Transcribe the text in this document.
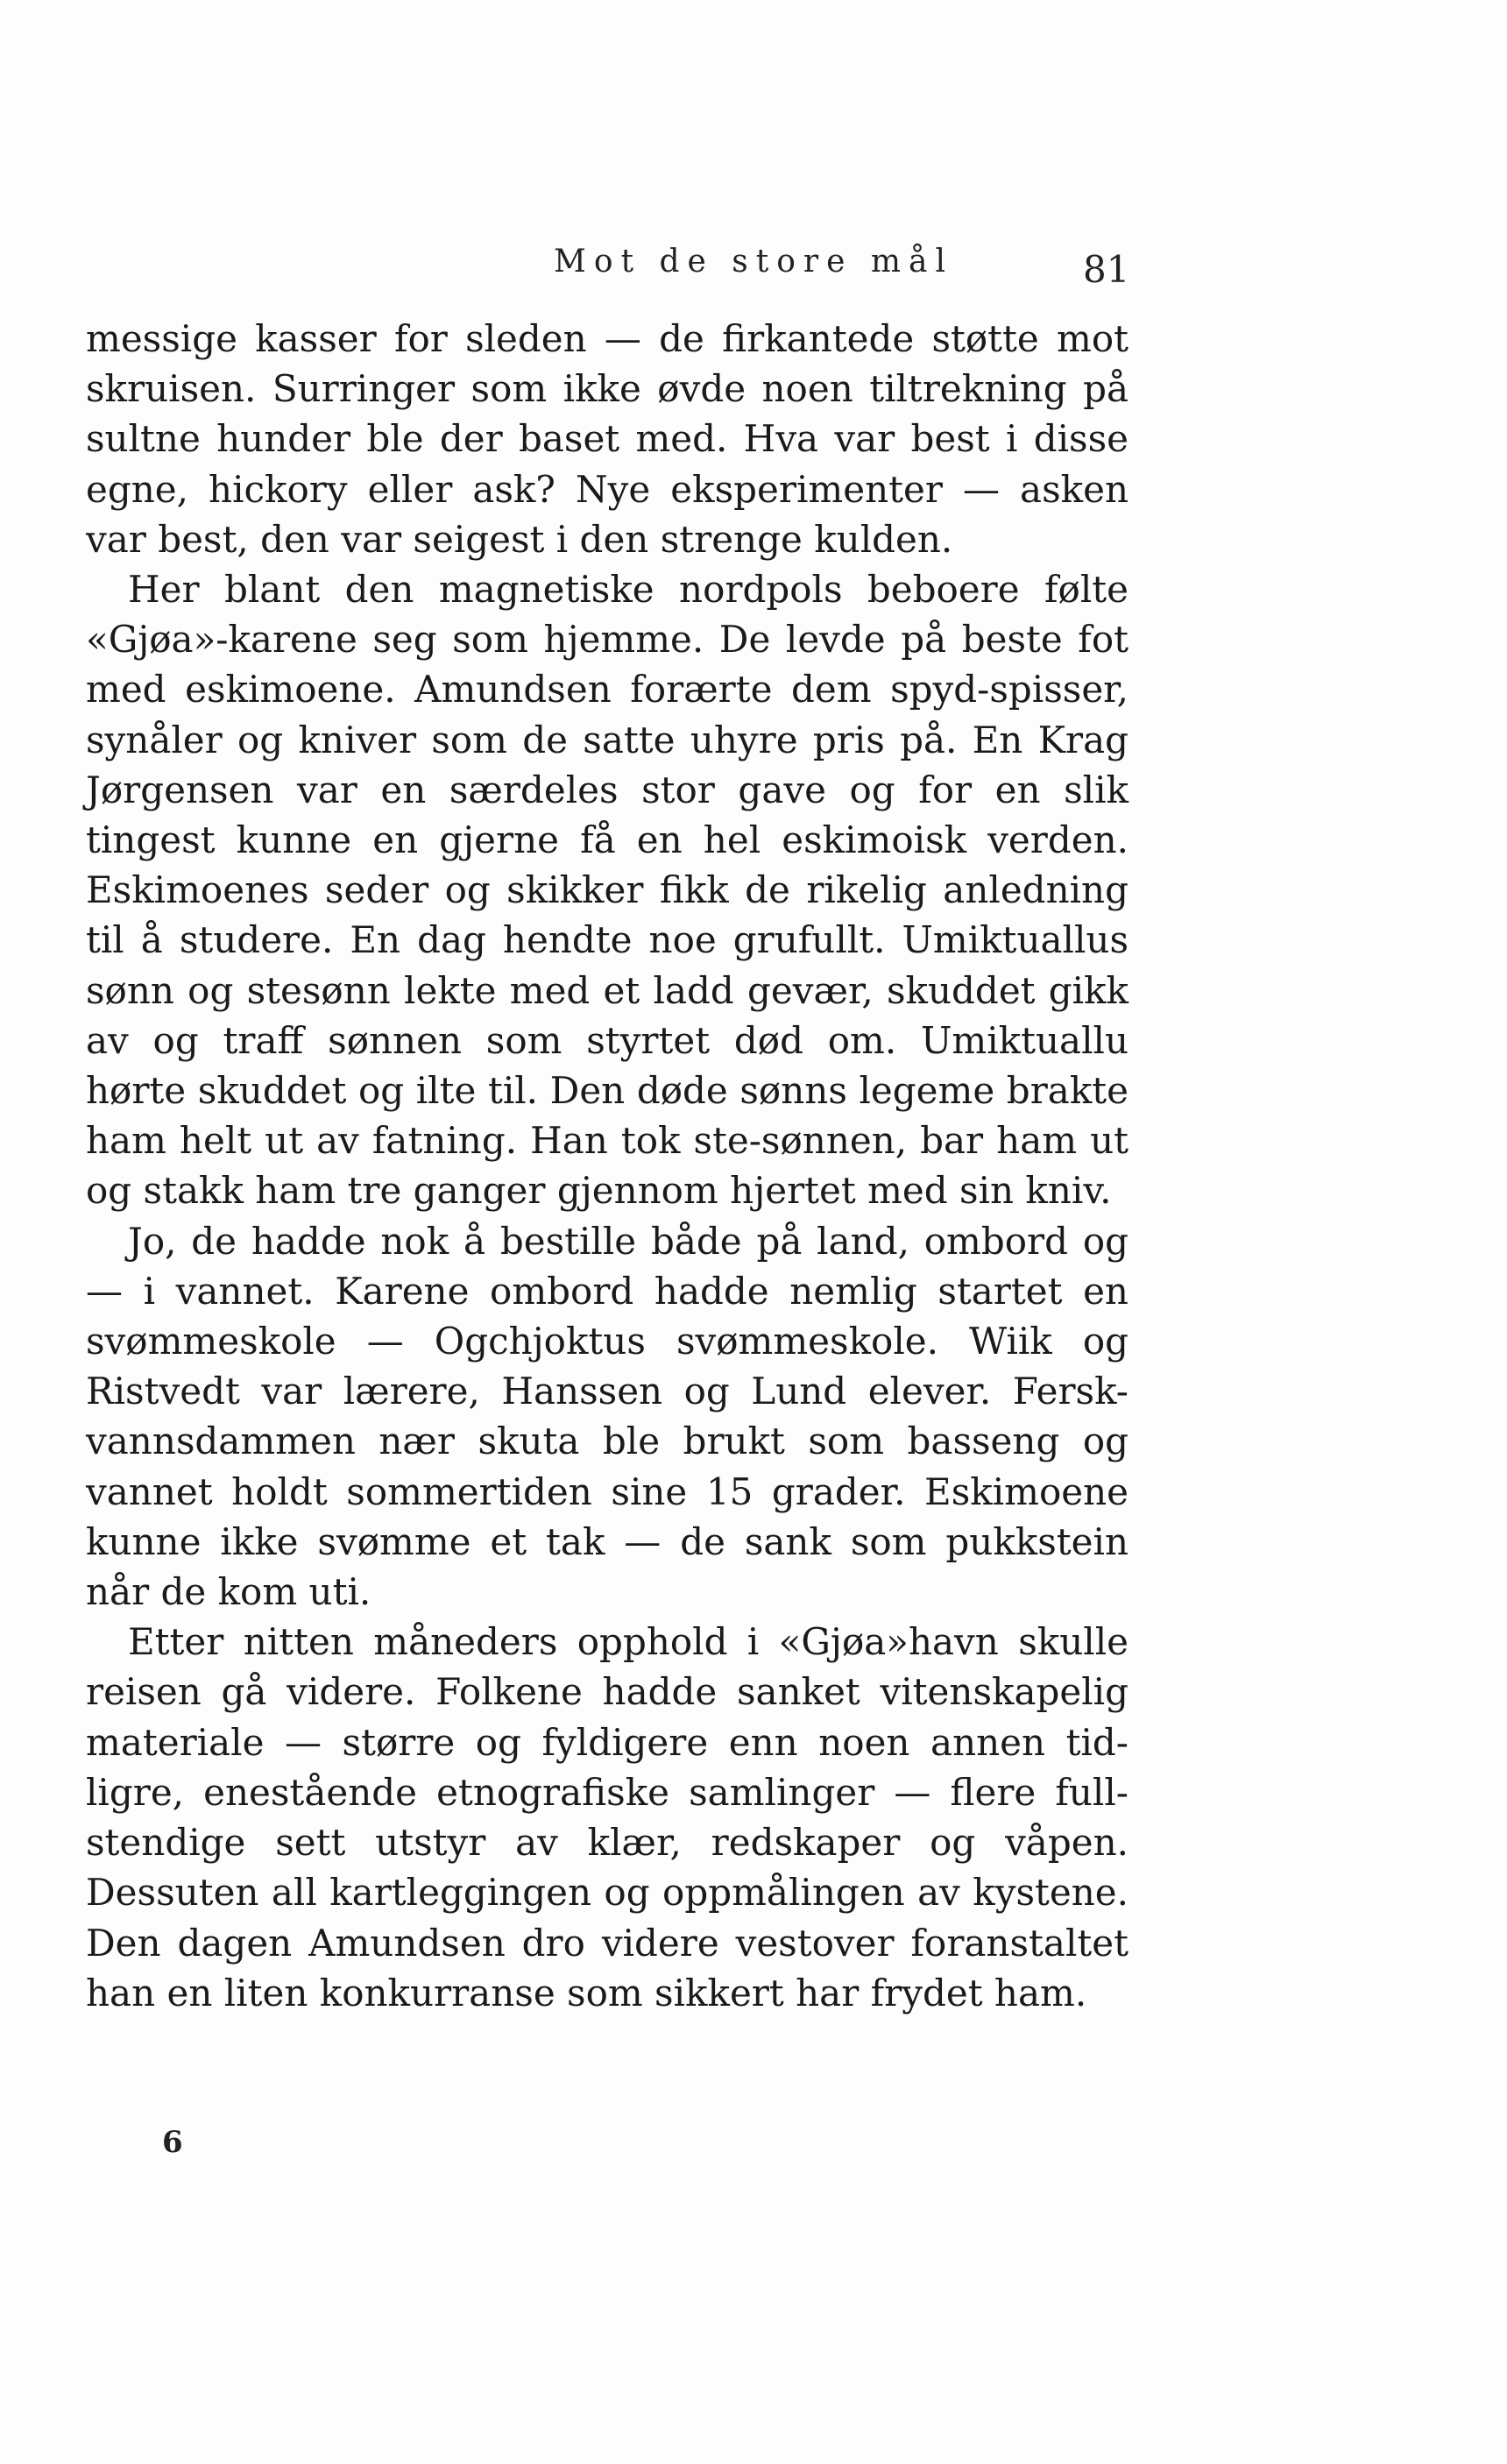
Mot de store mål	81

messige kasser for sleden — de firkantede støtte mot skruisen. Surringer som ikke øvde noen tiltrekning på sultne hunder ble der baset med. Hva var best i disse egne, hickory eller ask? Nye eksperimenter — asken var best, den var seigest i den strenge kulden.

Her blant den magnetiske nordpols beboere følte «Gjøa»-karene seg som hjemme. De levde på beste fot med eskimoene. Amundsen forærte dem spyd-spisser, synåler og kniver som de satte uhyre pris på. En Krag Jørgensen var en særdeles stor gave og for en slik tingest kunne en gjerne få en hel eskimoisk verden. Eskimoenes seder og skikker fikk de rikelig anledning til å studere. En dag hendte noe grufullt. Umiktuallus sønn og stesønn lekte med et ladd gevær, skuddet gikk av og traff sønnen som styrtet død om. Umiktuallu hørte skuddet og ilte til. Den døde sønns legeme brakte ham helt ut av fatning. Han tok ste-sønnen, bar ham ut og stakk ham tre ganger gjennom hjertet med sin kniv.

Jo, de hadde nok å bestille både på land, ombord og — i vannet. Karene ombord hadde nemlig startet en svømmeskole — Ogchjoktus svømmeskole. Wiik og Ristvedt var lærere, Hanssen og Lund elever. Fersk-vannsdammen nær skuta ble brukt som basseng og vannet holdt sommertiden sine 15 grader. Eskimoene kunne ikke svømme et tak — de sank som pukkstein når de kom uti.

Etter nitten måneders opphold i «Gjøa»havn skulle reisen gå videre. Folkene hadde sanket vitenskapelig materiale — større og fyldigere enn noen annen tid-ligre, enestående etnografiske samlinger — flere full-stendige sett utstyr av klær, redskaper og våpen. Dessuten all kartleggingen og oppmålingen av kystene. Den dagen Amundsen dro videre vestover foranstaltet han en liten konkurranse som sikkert har frydet ham.

6
